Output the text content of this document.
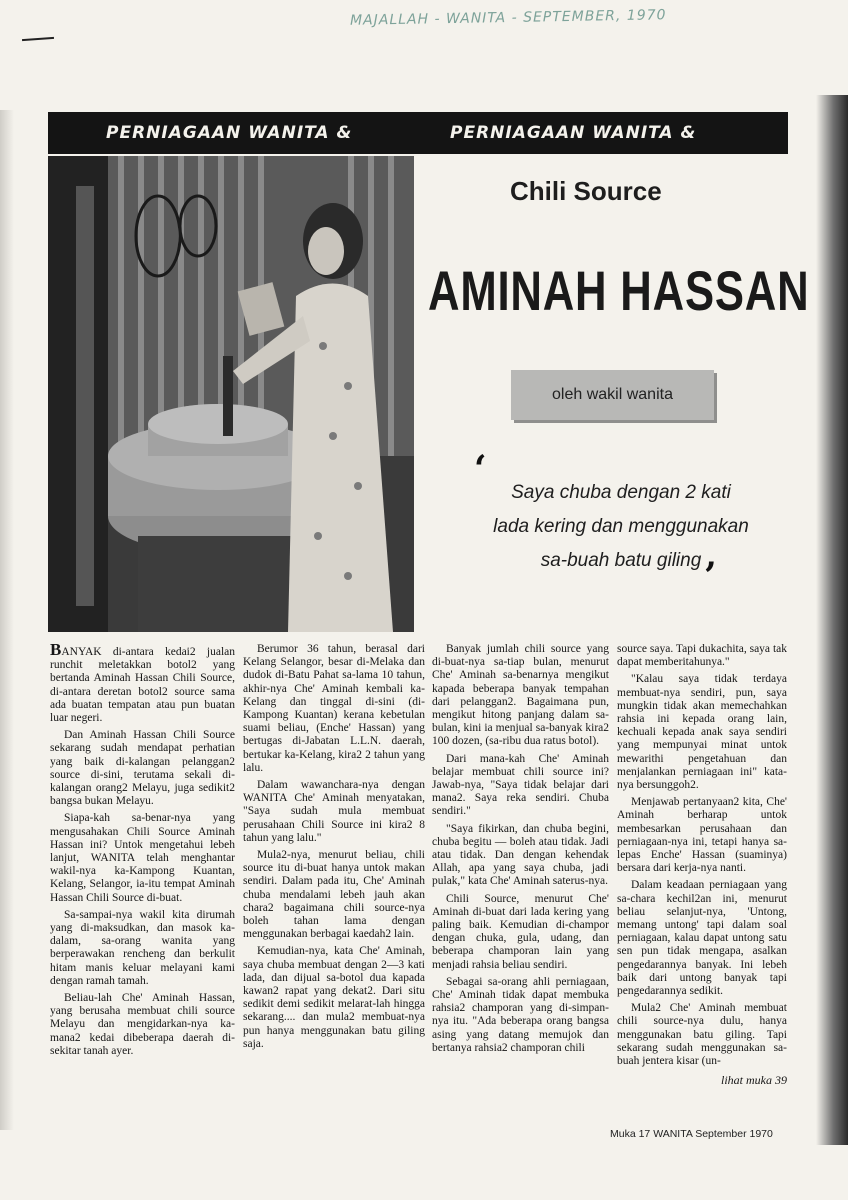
MAJALLAH - WANITA - SEPTEMBER, 1970
PERNIAGAAN WANITA &	PERNIAGAAN WANITA &
Chili Source
AMINAH HASSAN
oleh wakil wanita
‘
Saya chuba dengan 2 kati
lada kering dan menggunakan
sa-buah batu giling ’

BANYAK di-antara kedai2 jualan runchit meletakkan botol2 yang bertanda Aminah Hassan Chili Source, di-antara deretan botol2 source sama ada buatan tempatan atau pun buatan luar negeri.

Dan Aminah Hassan Chili Source sekarang sudah mendapat perhatian yang baik di-kalangan pelanggan2 source di-sini, terutama sekali di-kalangan orang2 Melayu, juga sedikit2 bangsa bukan Melayu.

Siapa-kah sa-benar-nya yang mengusahakan Chili Source Aminah Hassan ini? Untok mengetahui lebeh lanjut, WANITA telah menghantar wakil-nya ka-Kampong Kuantan, Kelang, Selangor, ia-itu tempat Aminah Hassan Chili Source di-buat.

Sa-sampai-nya wakil kita dirumah yang di-maksudkan, dan masok ka-dalam, sa-orang wanita yang berperawakan rencheng dan berkulit hitam manis keluar melayani kami dengan ramah tamah.

Beliau-lah Che' Aminah Hassan, yang berusaha membuat chili source Melayu dan mengidarkan-nya ka-mana2 kedai dibeberapa daerah di-sekitar tanah ayer.

Berumor 36 tahun, berasal dari Kelang Selangor, besar di-Melaka dan dudok di-Batu Pahat sa-lama 10 tahun, akhir-nya Che' Aminah kembali ka-Kelang dan tinggal di-sini (di-Kampong Kuantan) kerana kebetulan suami beliau, (Enche' Hassan) yang bertugas di-Jabatan L.L.N. daerah, bertukar ka-Kelang, kira2 2 tahun yang lalu.

Dalam wawanchara-nya dengan WANITA Che' Aminah menyatakan, "Saya sudah mula membuat perusahaan Chili Source ini kira2 8 tahun yang lalu."

Mula2-nya, menurut beliau, chili source itu di-buat hanya untok makan sendiri. Dalam pada itu, Che' Aminah chuba mendalami lebeh jauh akan chara2 bagaimana chili source-nya boleh tahan lama dengan menggunakan berbagai kaedah2 lain.

Kemudian-nya, kata Che' Aminah, saya chuba membuat dengan 2—3 kati lada, dan dijual sa-botol dua kapada kawan2 rapat yang dekat2. Dari situ sedikit demi sedikit melarat-lah hingga sekarang.... dan mula2 membuat-nya pun hanya menggunakan batu giling saja.

Banyak jumlah chili source yang di-buat-nya sa-tiap bulan, menurut Che' Aminah sa-benarnya mengikut kapada beberapa banyak tempahan dari pelanggan2. Bagaimana pun, mengikut hitong panjang dalam sa-bulan, kini ia menjual sa-banyak kira2 100 dozen, (sa-ribu dua ratus botol).

Dari mana-kah Che' Aminah belajar membuat chili source ini? Jawab-nya, "Saya tidak belajar dari mana2. Saya reka sendiri. Chuba sendiri."

"Saya fikirkan, dan chuba begini, chuba begitu — boleh atau tidak. Jadi atau tidak. Dan dengan kehendak Allah, apa yang saya chuba, jadi pulak," kata Che' Aminah saterus-nya.

Chili Source, menurut Che' Aminah di-buat dari lada kering yang paling baik. Kemudian di-champor dengan chuka, gula, udang, dan beberapa champoran lain yang menjadi rahsia beliau sendiri.

Sebagai sa-orang ahli perniagaan, Che' Aminah tidak dapat membuka rahsia2 champoran yang di-simpan-nya itu. "Ada beberapa orang bangsa asing yang datang memujok dan bertanya rahsia2 champoran chili

source saya. Tapi dukachita, saya tak dapat memberitahunya."

"Kalau saya tidak terdaya membuat-nya sendiri, pun, saya mungkin tidak akan memechahkan rahsia ini kepada orang lain, kechuali kepada anak saya sendiri yang mempunyai minat untok mewarithi pengetahuan dan menjalankan perniagaan ini" kata-nya bersunggoh2.

Menjawab pertanyaan2 kita, Che' Aminah berharap untok membesarkan perusahaan dan perniagaan-nya ini, tetapi hanya sa-lepas Enche' Hassan (suaminya) bersara dari kerja-nya nanti.

Dalam keadaan perniagaan yang sa-chara kechil2an ini, menurut beliau selanjut-nya, 'Untong, memang untong' tapi dalam soal perniagaan, kalau dapat untong satu sen pun tidak mengapa, asalkan pengedarannya banyak. Ini lebeh baik dari untong banyak tapi pengedarannya sedikit.

Mula2 Che' Aminah membuat chili source-nya dulu, hanya menggunakan batu giling. Tapi sekarang sudah menggunakan sa-buah jentera kisar (un-

lihat muka 39

Muka 17 WANITA September 1970
